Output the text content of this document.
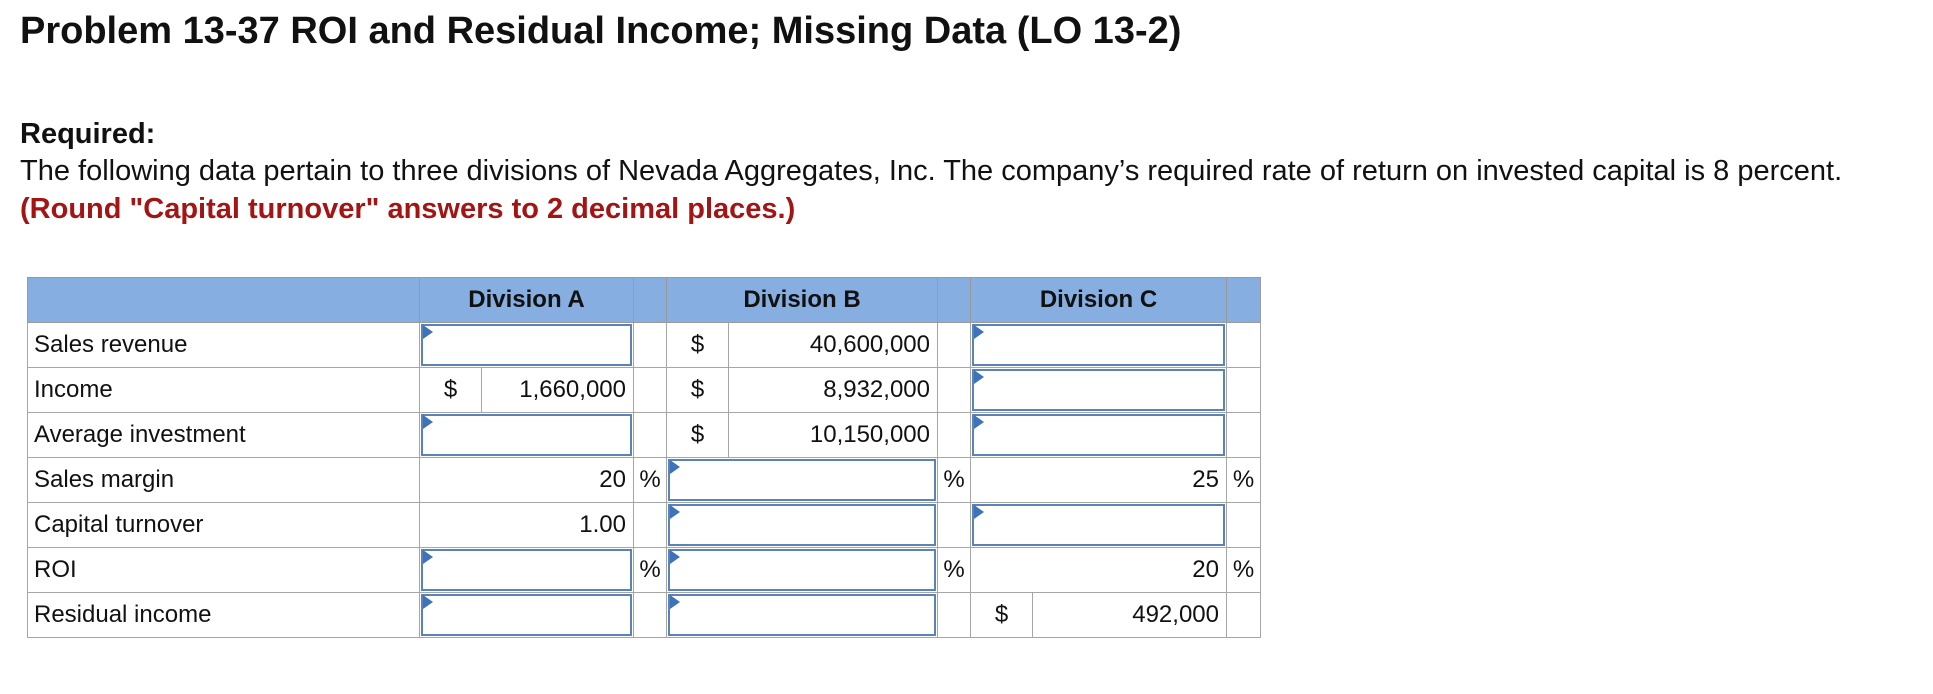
Problem 13-37 ROI and Residual Income; Missing Data (LO 13-2)
Required:
The following data pertain to three divisions of Nevada Aggregates, Inc. The company’s required rate of return on invested capital is 8 percent. (Round "Capital turnover" answers to 2 decimal places.)
	Division A			Division B			Division C		
Sales revenue				$	40,600,000			

Income	$	1,660,000		$	8,932,000			

Average investment				$	10,150,000			

Sales margin	20		%			%	25		%
Capital turnover	1.00					

ROI			%			%	20		%
Residual income							$	492,000	
